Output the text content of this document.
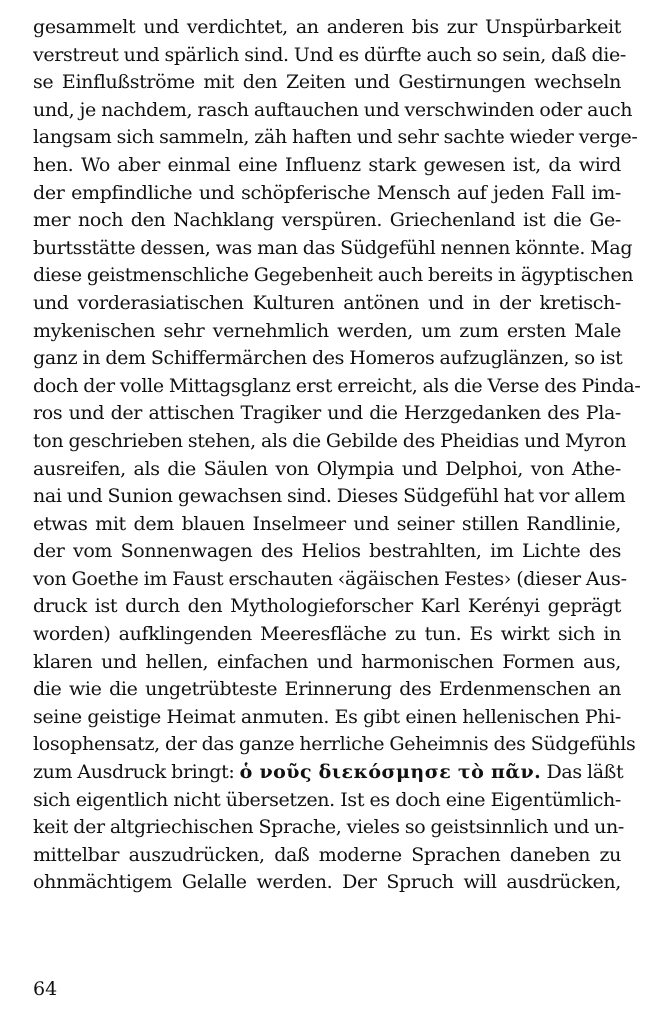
gesammelt und verdichtet, an anderen bis zur Unspürbarkeit
verstreut und spärlich sind. Und es dürfte auch so sein, daß die-
se Einflußströme mit den Zeiten und Gestirnungen wechseln
und, je nachdem, rasch auftauchen und verschwinden oder auch
langsam sich sammeln, zäh haften und sehr sachte wieder verge-
hen. Wo aber einmal eine Influenz stark gewesen ist, da wird
der empfindliche und schöpferische Mensch auf jeden Fall im-
mer noch den Nachklang verspüren. Griechenland ist die Ge-
burtsstätte dessen, was man das Südgefühl nennen könnte. Mag
diese geistmenschliche Gegebenheit auch bereits in ägyptischen
und vorderasiatischen Kulturen antönen und in der kretisch-
mykenischen sehr vernehmlich werden, um zum ersten Male
ganz in dem Schiffermärchen des Homeros aufzuglänzen, so ist
doch der volle Mittagsglanz erst erreicht, als die Verse des Pinda-
ros und der attischen Tragiker und die Herzgedanken des Pla-
ton geschrieben stehen, als die Gebilde des Pheidias und Myron
ausreifen, als die Säulen von Olympia und Delphoi, von Athe-
nai und Sunion gewachsen sind. Dieses Südgefühl hat vor allem
etwas mit dem blauen Inselmeer und seiner stillen Randlinie,
der vom Sonnenwagen des Helios bestrahlten, im Lichte des
von Goethe im Faust erschauten ‹ägäischen Festes› (dieser Aus-
druck ist durch den Mythologieforscher Karl Kerényi geprägt
worden) aufklingenden Meeresfläche zu tun. Es wirkt sich in
klaren und hellen, einfachen und harmonischen Formen aus,
die wie die ungetrübteste Erinnerung des Erdenmenschen an
seine geistige Heimat anmuten. Es gibt einen hellenischen Phi-
losophensatz, der das ganze herrliche Geheimnis des Südgefühls
zum Ausdruck bringt: ὁ νοῦς διεκόσμησε τὸ πᾶν. Das läßt
sich eigentlich nicht übersetzen. Ist es doch eine Eigentümlich-
keit der altgriechischen Sprache, vieles so geistsinnlich und un-
mittelbar auszudrücken, daß moderne Sprachen daneben zu
ohnmächtigem Gelalle werden. Der Spruch will ausdrücken,
64
